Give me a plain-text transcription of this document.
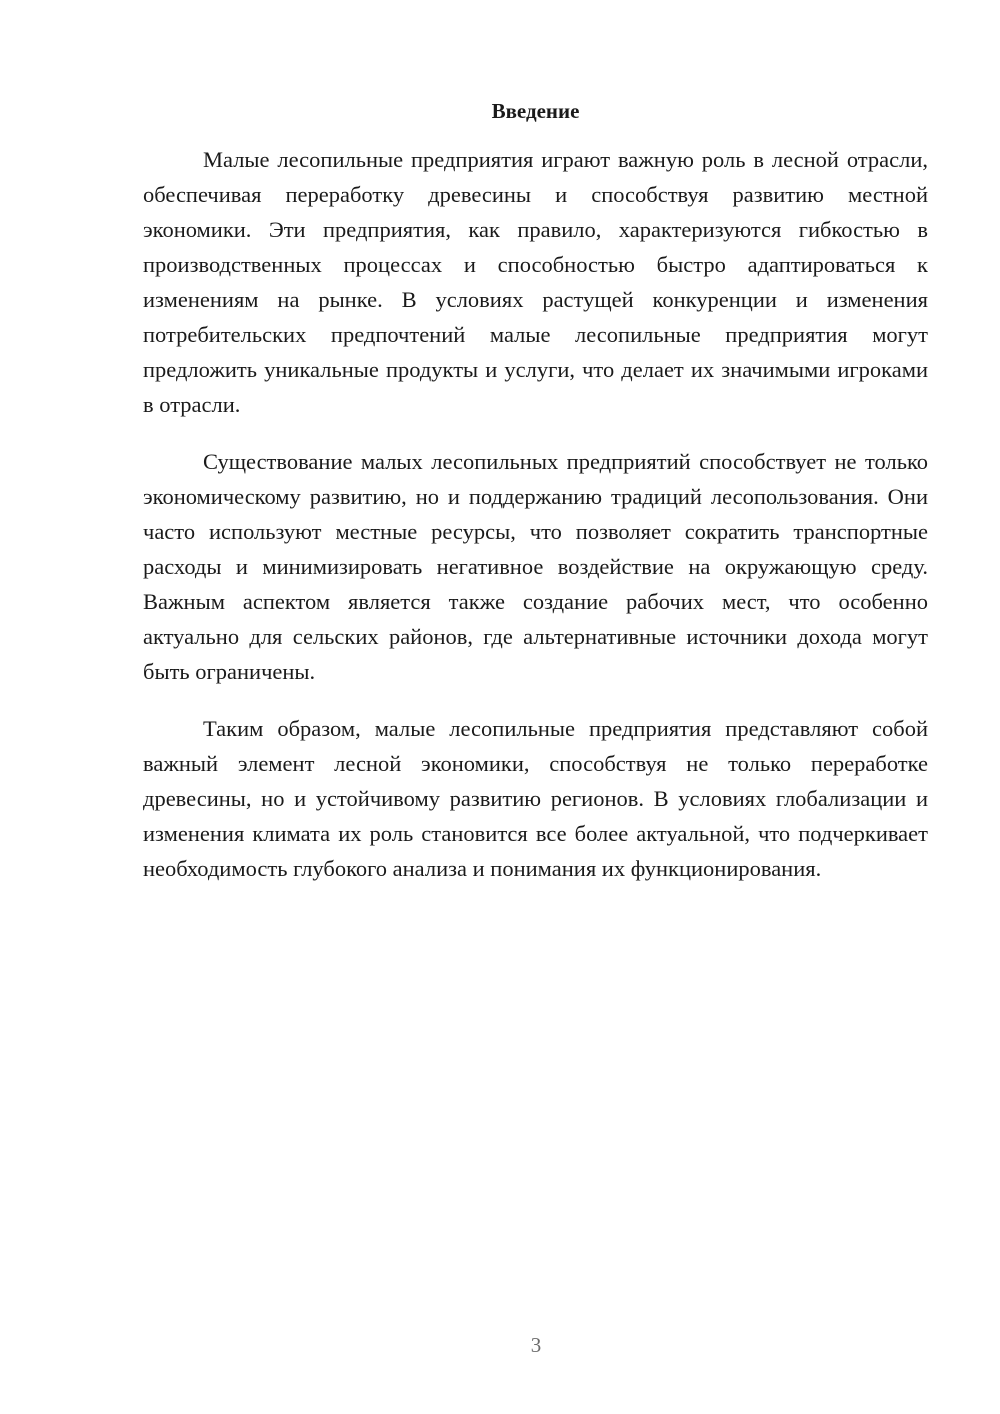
Введение

Малые лесопильные предприятия играют важную роль в лесной отрасли, обеспечивая переработку древесины и способствуя развитию местной экономики. Эти предприятия, как правило, характеризуются гибкостью в производственных процессах и способностью быстро адаптироваться к изменениям на рынке. В условиях растущей конкуренции и изменения потребительских предпочтений малые лесопильные предприятия могут предложить уникальные продукты и услуги, что делает их значимыми игроками в отрасли.

Существование малых лесопильных предприятий способствует не только экономическому развитию, но и поддержанию традиций лесопользования. Они часто используют местные ресурсы, что позволяет сократить транспортные расходы и минимизировать негативное воздействие на окружающую среду. Важным аспектом является также создание рабочих мест, что особенно актуально для сельских районов, где альтернативные источники дохода могут быть ограничены.

Таким образом, малые лесопильные предприятия представляют собой важный элемент лесной экономики, способствуя не только переработке древесины, но и устойчивому развитию регионов. В условиях глобализации и изменения климата их роль становится все более актуальной, что подчеркивает необходимость глубокого анализа и понимания их функционирования.

3
